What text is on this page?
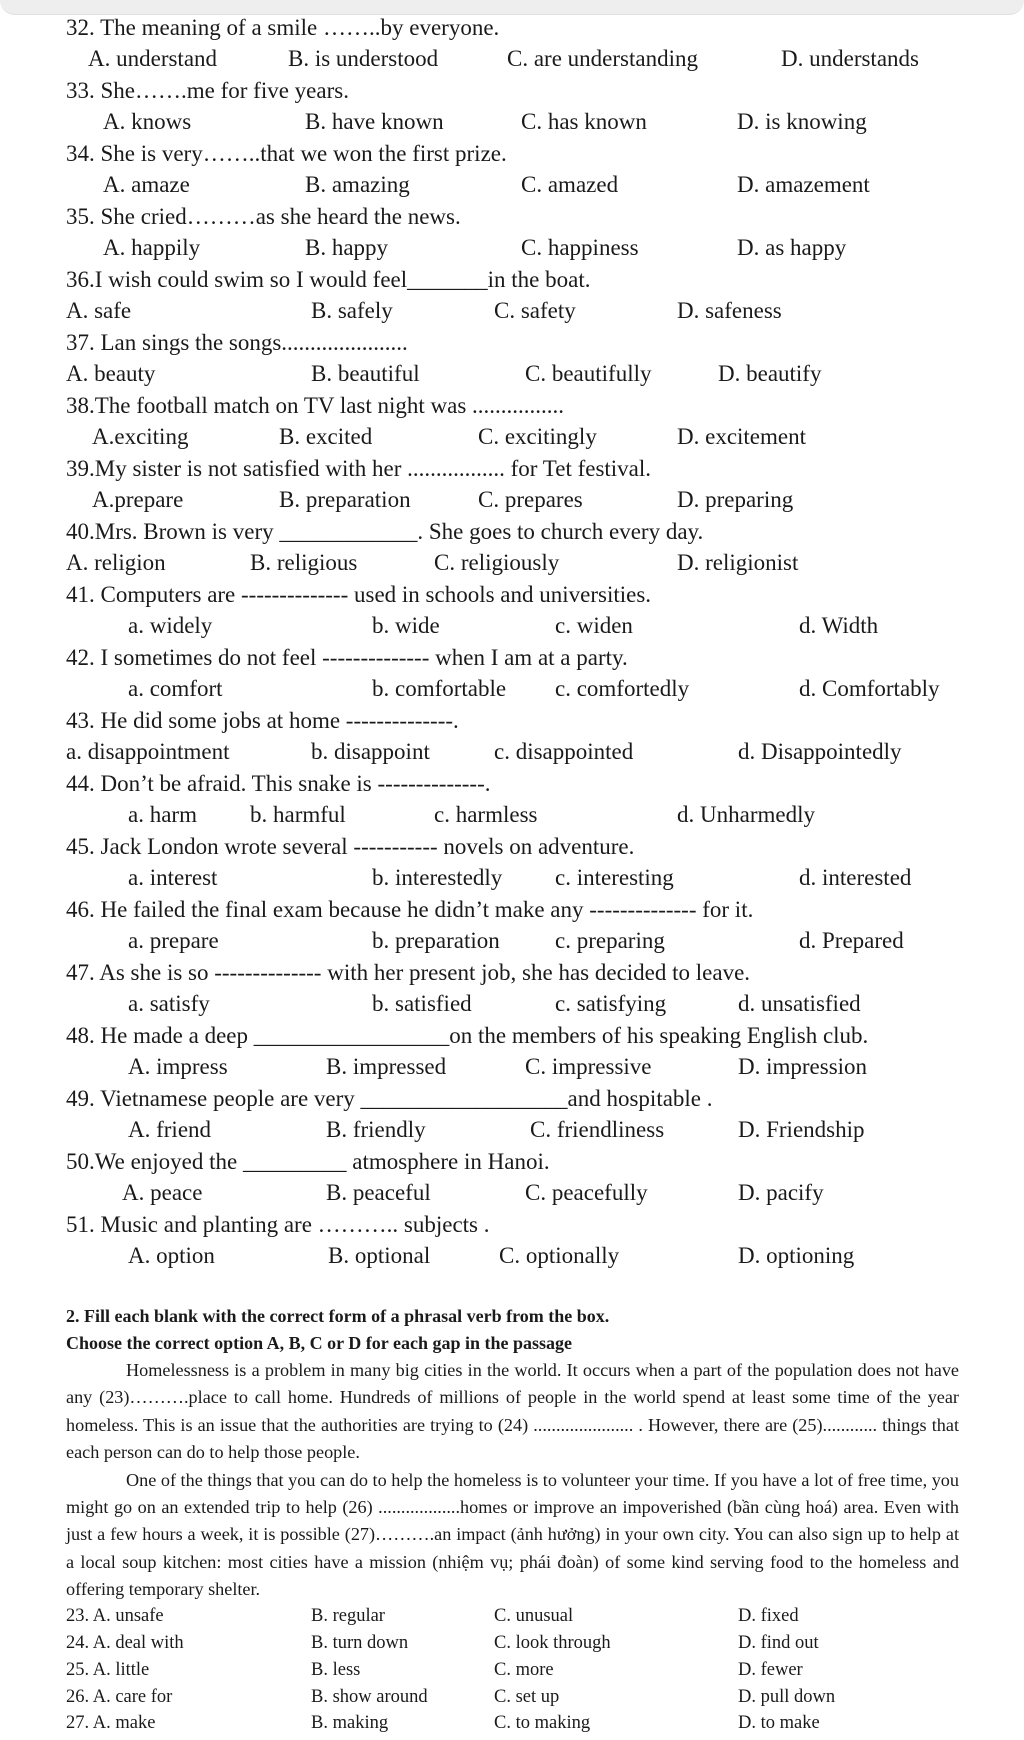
32. The meaning of a smile ……..by everyone.
A. understand	B. is understood	C. are understanding	D. understands
33. She…….me for five years.
A. knows	B. have known	C. has known	D. is knowing
34. She is very……..that we won the first prize.
A. amaze	B. amazing	C. amazed	D. amazement
35. She cried………as she heard the news.
A. happily	B. happy	C. happiness	D. as happy
36.I wish could swim so I would feel_______in the boat.
A. safe	B. safely	C. safety	D. safeness
37. Lan sings the songs......................
A. beauty	B. beautiful	C. beautifully	D. beautify
38.The football match on TV last night was ................
A.exciting	B. excited	C. excitingly	D. excitement
39.My sister is not satisfied with her ................. for Tet festival.
A.prepare	B. preparation	C. prepares	D. preparing
40.Mrs. Brown is very ____________. She goes to church every day.
A. religion	B. religious	C. religiously	D. religionist
41. Computers are -------------- used in schools and universities.
a. widely	b. wide	c. widen	d. Width
42. I sometimes do not feel -------------- when I am at a party.
a. comfort	b. comfortable c. comfortedly	d. Comfortably
43. He did some jobs at home --------------.
a. disappointment	b. disappoint	c. disappointed	d. Disappointedly
44. Don’t be afraid. This snake is --------------.
a. harm b. harmful	c. harmless	d. Unharmedly
45. Jack London wrote several ----------- novels on adventure.
a. interest	b. interestedly c. interesting	d. interested
46. He failed the final exam because he didn’t make any -------------- for it.
a. prepare	b. preparation c. preparing	d. Prepared
47. As she is so -------------- with her present job, she has decided to leave.
a. satisfy	b. satisfied	c. satisfying	d. unsatisfied
48. He made a deep _________________on the members of his speaking English club.
A. impress	B. impressed	C. impressive	D. impression
49. Vietnamese people are very __________________and hospitable .
A. friend	B. friendly	C. friendliness	D. Friendship
50.We enjoyed the _________ atmosphere in Hanoi.
A. peace	B. peaceful	C. peacefully	D. pacify
51. Music and planting are ……….. subjects .
A. option	B. optional	C. optionally	D. optioning
2. Fill each blank with the correct form of a phrasal verb from the box.
Choose the correct option A, B, C or D for each gap in the passage

Homelessness is a problem in many big cities in the world. It occurs when a part of the population does not have any (23)……….place to call home. Hundreds of millions of people in the world spend at least some time of the year homeless. This is an issue that the authorities are trying to (24) ...................... . However, there are (25)............ things that each person can do to help those people.

One of the things that you can do to help the homeless is to volunteer your time. If you have a lot of free time, you might go on an extended trip to help (26) ..................homes or improve an impoverished (bần cùng hoá) area. Even with just a few hours a week, it is possible (27)……….an impact (ảnh hưởng) in your own city. You can also sign up to help at a local soup kitchen: most cities have a mission (nhiệm vụ; phái đoàn) of some kind serving food to the homeless and offering temporary shelter.

23. A. unsafe	B. regular	C. unusual	D. fixed
24. A. deal with	B. turn down	C. look through	D. find out
25. A. little	B. less	C. more	D. fewer
26. A. care for	B. show around	C. set up	D. pull down
27. A. make	B. making	C. to making	D. to make
